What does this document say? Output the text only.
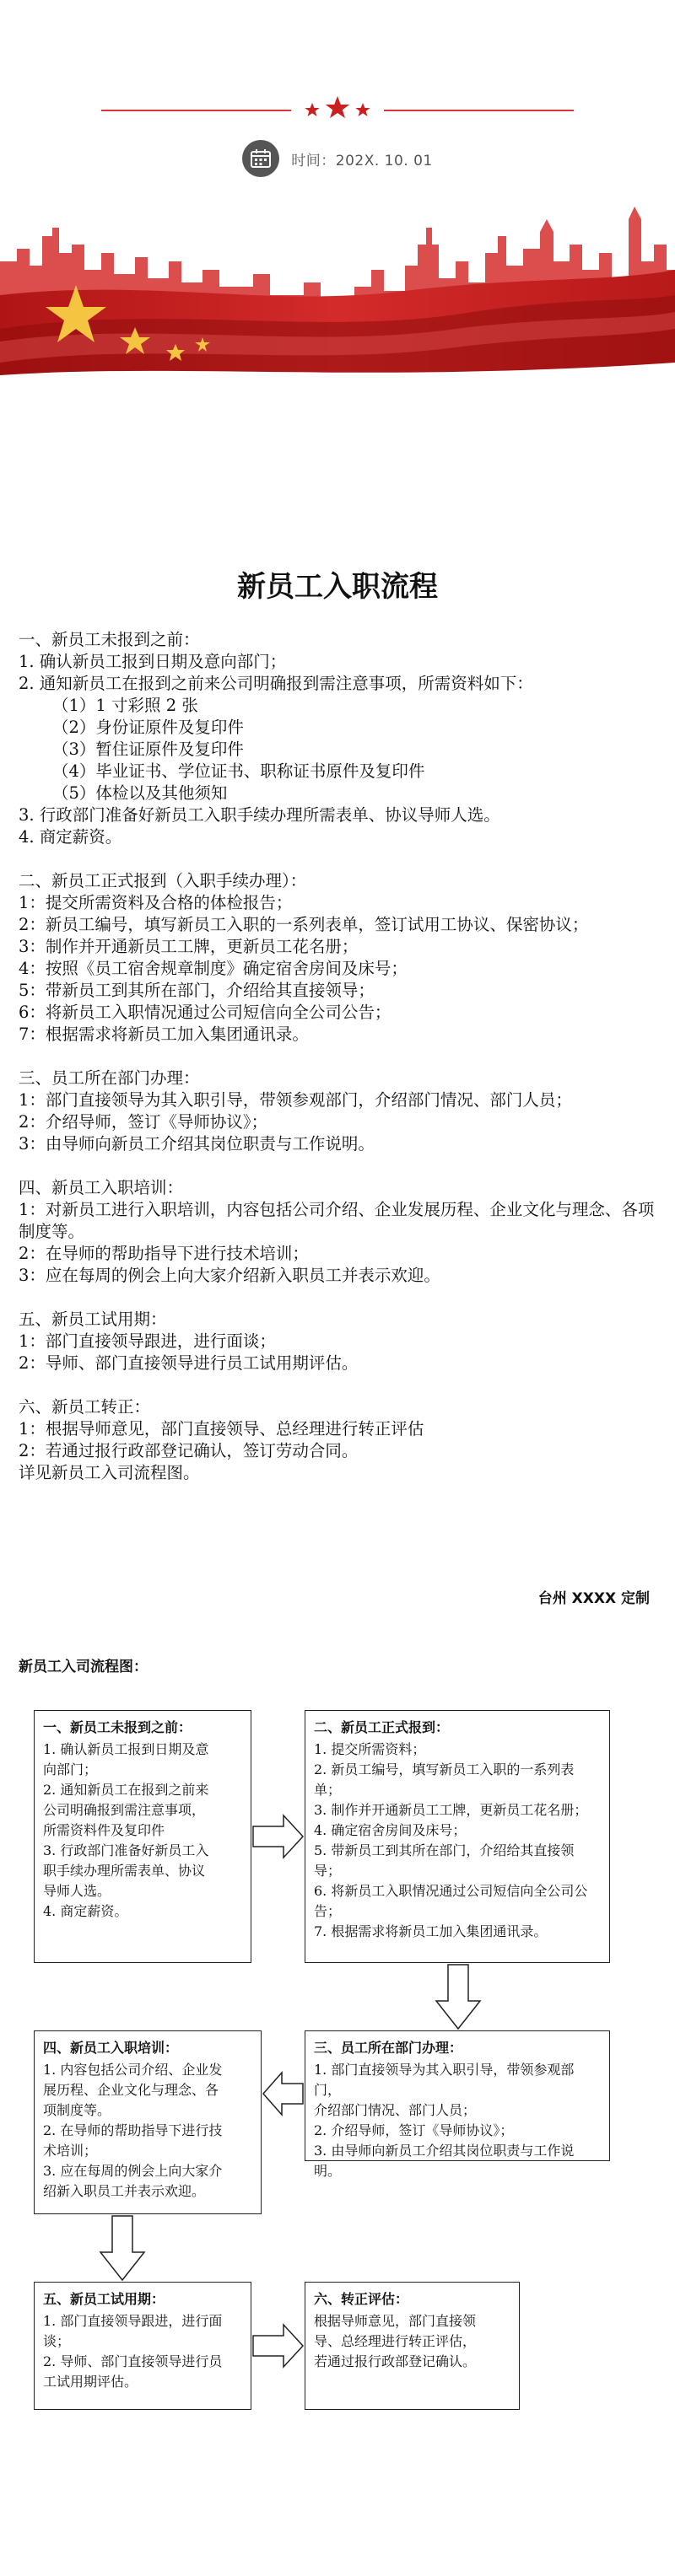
时间：202X. 10. 01
新员工入职流程

一、新员工未报到之前：

1. 确认新员工报到日期及意向部门；

2. 通知新员工在报到之前来公司明确报到需注意事项，所需资料如下：

（1）1 寸彩照 2 张

（2）身份证原件及复印件

（3）暂住证原件及复印件

（4）毕业证书、学位证书、职称证书原件及复印件

（5）体检以及其他须知

3. 行政部门准备好新员工入职手续办理所需表单、协议导师人选。

4. 商定薪资。

二、新员工正式报到（入职手续办理）：

1：提交所需资料及合格的体检报告；

2：新员工编号，填写新员工入职的一系列表单，签订试用工协议、保密协议；

3：制作并开通新员工工牌，更新员工花名册；

4：按照《员工宿舍规章制度》确定宿舍房间及床号；

5：带新员工到其所在部门，介绍给其直接领导；

6：将新员工入职情况通过公司短信向全公司公告；

7：根据需求将新员工加入集团通讯录。

三、员工所在部门办理：

1：部门直接领导为其入职引导，带领参观部门，介绍部门情况、部门人员；

2：介绍导师，签订《导师协议》；

3：由导师向新员工介绍其岗位职责与工作说明。

四、新员工入职培训：

1：对新员工进行入职培训，内容包括公司介绍、企业发展历程、企业文化与理念、各项制度等。

2：在导师的帮助指导下进行技术培训；

3：应在每周的例会上向大家介绍新入职员工并表示欢迎。

五、新员工试用期：

1：部门直接领导跟进，进行面谈；

2：导师、部门直接领导进行员工试用期评估。

六、新员工转正：

1：根据导师意见，部门直接领导、总经理进行转正评估

2：若通过报行政部登记确认，签订劳动合同。

详见新员工入司流程图。

台州 XXXX 定制
新员工入司流程图：
一、新员工未报到之前：
1. 确认新员工报到日期及意
向部门；
2. 通知新员工在报到之前来
公司明确报到需注意事项，
所需资料件及复印件
3. 行政部门准备好新员工入
职手续办理所需表单、协议
导师人选。
4. 商定薪资。
二、新员工正式报到：
1. 提交所需资料；
2. 新员工编号，填写新员工入职的一系列表单；
3. 制作并开通新员工工牌，更新员工花名册；
4. 确定宿舍房间及床号；
5. 带新员工到其所在部门，介绍给其直接领导；
6. 将新员工入职情况通过公司短信向全公司公
告；
7. 根据需求将新员工加入集团通讯录。
三、员工所在部门办理：
1. 部门直接领导为其入职引导，带领参观部门，
介绍部门情况、部门人员；
2. 介绍导师，签订《导师协议》；
3. 由导师向新员工介绍其岗位职责与工作说明。
四、新员工入职培训：
1. 内容包括公司介绍、企业发
展历程、企业文化与理念、各
项制度等。
2. 在导师的帮助指导下进行技
术培训；
3. 应在每周的例会上向大家介
绍新入职员工并表示欢迎。
五、新员工试用期：
1. 部门直接领导跟进，进行面
谈；
2. 导师、部门直接领导进行员
工试用期评估。
六、转正评估：
根据导师意见，部门直接领
导、总经理进行转正评估，
若通过报行政部登记确认。
